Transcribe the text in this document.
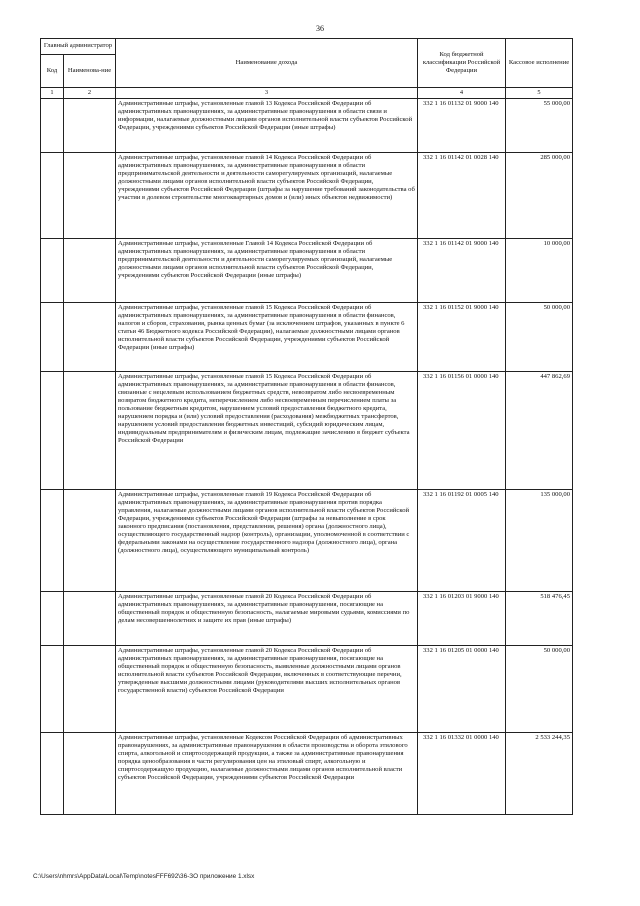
36
Главный администратор		Наименование дохода	Код бюджетной классификации Российской Федерации	Кассовое исполнение
Код	Наименова-ние			
1	2	3	4	5
		Административные штрафы, установленные главой 13 Кодекса Российской Федерации об административных правонарушениях, за административные правонарушения в области связи и информации, налагаемые должностными лицами органов исполнительной власти субъектов Российской Федерации, учреждениями субъектов Российской Федерации (иные штрафы)	332 1 16 01132 01 9000 140	55 000,00
		Административные штрафы, установленные главой 14 Кодекса Российской Федерации об административных правонарушениях, за административные правонарушения в области предпринимательской деятельности и деятельности саморегулируемых организаций, налагаемые должностными лицами органов исполнительной власти субъектов Российской Федерации, учреждениями субъектов Российской Федерации (штрафы за нарушение требований законодательства об участии в долевом строительстве многоквартирных домов и (или) иных объектов недвижимости)	332 1 16 01142 01 0028 140	285 000,00
		Административные штрафы, установленные Главой 14 Кодекса Российской Федерации об административных правонарушениях, за административные правонарушения в области предпринимательской деятельности и деятельности саморегулируемых организаций, налагаемые должностными лицами органов исполнительной власти субъектов Российской Федерации, учреждениями субъектов Российской Федерации (иные штрафы)	332 1 16 01142 01 9000 140	10 000,00
		Административные штрафы, установленные главой 15 Кодекса Российской Федерации об административных правонарушениях, за административные правонарушения в области финансов, налогов и сборов, страхования, рынка ценных бумаг (за исключением штрафов, указанных в пункте 6 статьи 46 Бюджетного кодекса Российской Федерации), налагаемые должностными лицами органов исполнительной власти субъектов Российской Федерации, учреждениями субъектов Российской Федерации (иные штрафы)	332 1 16 01152 01 9000 140	50 000,00
		Административные штрафы, установленные главой 15 Кодекса Российской Федерации об административных правонарушениях, за административные правонарушения в области финансов, связанные с нецелевым использованием бюджетных средств, невозвратом либо несвоевременным возвратом бюджетного кредита, неперечислением либо несвоевременным перечислением платы за пользование бюджетным кредитом, нарушением условий предоставления бюджетного кредита, нарушением порядка и (или) условий предоставления (расходования) межбюджетных трансфертов, нарушением условий предоставления бюджетных инвестиций, субсидий юридическим лицам, индивидуальным предпринимателям и физическим лицам, подлежащие зачислению в бюджет субъекта Российской Федерации	332 1 16 01156 01 0000 140	447 862,69
		Административные штрафы, установленные главой 19 Кодекса Российской Федерации об административных правонарушениях, за административные правонарушения против порядка управления, налагаемые должностными лицами органов исполнительной власти субъектов Российской Федерации, учреждениями субъектов Российской Федерации (штрафы за невыполнение в срок законного предписания (постановления, представления, решения) органа (должностного лица), осуществляющего государственный надзор (контроль), организации, уполномоченной в соответствии с федеральными законами на осуществление государственного надзора (должностного лица), органа (должностного лица), осуществляющего муниципальный контроль)	332 1 16 01192 01 0005 140	135 000,00
		Административные штрафы, установленные главой 20 Кодекса Российской Федерации об административных правонарушениях, за административные правонарушения, посягающие на общественный порядок и общественную безопасность, налагаемые мировыми судьями, комиссиями по делам несовершеннолетних и защите их прав (иные штрафы)	332 1 16 01203 01 9000 140	518 476,45
		Административные штрафы, установленные главой 20 Кодекса Российской Федерации об административных правонарушениях, за административные правонарушения, посягающие на общественный порядок и общественную безопасность, выявленные должностными лицами органов исполнительной власти субъектов Российской Федерации, включенных в соответствующие перечни, утвержденные высшими должностными лицами (руководителями высших исполнительных органов государственной власти) субъектов Российской Федерации	332 1 16 01205 01 0000 140	50 000,00
		Административные штрафы, установленные Кодексом Российской Федерации об административных правонарушениях, за административные правонарушения в области производства и оборота этилового спирта, алкогольной и спиртосодержащей продукции, а также за административные правонарушения порядка ценообразования в части регулирования цен на этиловый спирт, алкогольную и спиртосодержащую продукцию, налагаемые должностными лицами органов исполнительной власти субъектов Российской Федерации, учреждениями субъектов Российской Федерации	332 1 16 01332 01 0000 140	2 533 244,35
C:\Users\nhmrs\AppData\Local\Temp\notesFFF692\36-ЗО приложение 1.xlsx
